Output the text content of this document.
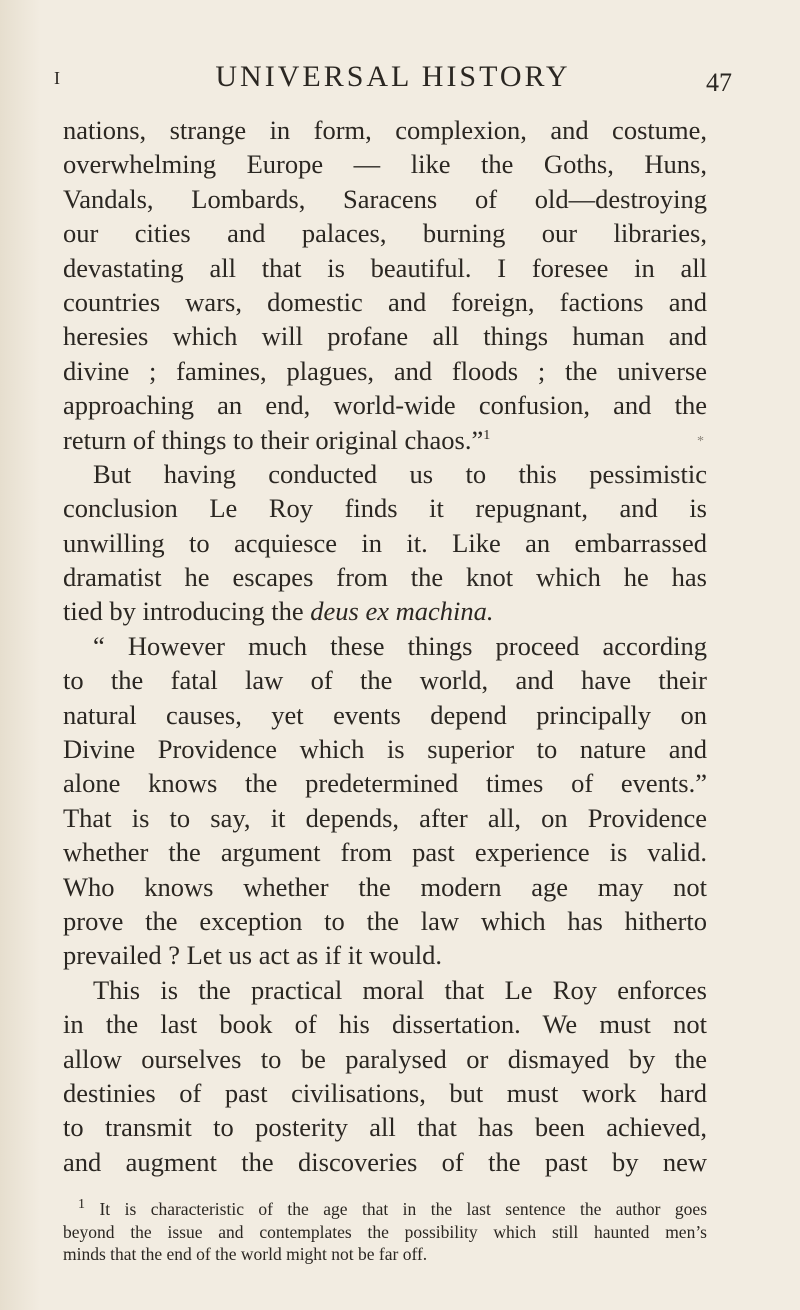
I	UNIVERSAL HISTORY	47
nations, strange in form, complexion, and costume,
overwhelming Europe — like the Goths, Huns,
Vandals, Lombards, Saracens of old—destroying
our cities and palaces, burning our libraries,
devastating all that is beautiful. I foresee in all
countries wars, domestic and foreign, factions and
heresies which will profane all things human and
divine ; famines, plagues, and floods ; the universe
approaching an end, world-wide confusion, and the
return of things to their original chaos.”$^1$
But having conducted us to this pessimistic
conclusion Le Roy finds it repugnant, and is
unwilling to acquiesce in it. Like an embarrassed
dramatist he escapes from the knot which he has
tied by introducing the deus ex machina.
“ However much these things proceed according
to the fatal law of the world, and have their
natural causes, yet events depend principally on
Divine Providence which is superior to nature and
alone knows the predetermined times of events.”
That is to say, it depends, after all, on Providence
whether the argument from past experience is valid.
Who knows whether the modern age may not
prove the exception to the law which has hitherto
prevailed ? Let us act as if it would.
This is the practical moral that Le Roy enforces
in the last book of his dissertation. We must not
allow ourselves to be paralysed or dismayed by the
destinies of past civilisations, but must work hard
to transmit to posterity all that has been achieved,
and augment the discoveries of the past by new
*
$^1$ It is characteristic of the age that in the last sentence the author goes
beyond the issue and contemplates the possibility which still haunted men’s
minds that the end of the world might not be far off.
